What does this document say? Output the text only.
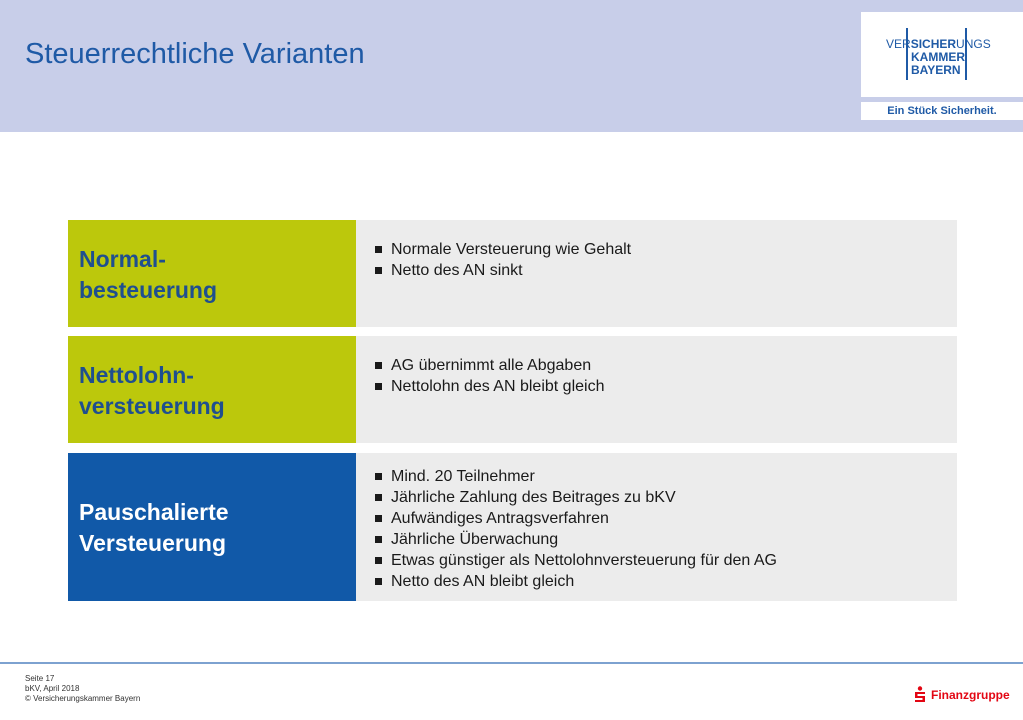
Steuerrechtliche Varianten	VERSICHERUNGS
KAMMER
BAYERN
Ein Stück Sicherheit.
Normal-
besteuerung
Normale Versteuerung wie Gehalt
Netto des AN sinkt
Nettolohn-
versteuerung
AG übernimmt alle Abgaben
Nettolohn des AN bleibt gleich
Pauschalierte
Versteuerung
Mind. 20 Teilnehmer
Jährliche Zahlung des Beitrages zu bKV
Aufwändiges Antragsverfahren
Jährliche Überwachung
Etwas günstiger als Nettolohnversteuerung für den AG
Netto des AN bleibt gleich
Seite 17
bKV, April 2018
© Versicherungskammer Bayern	Finanzgruppe
